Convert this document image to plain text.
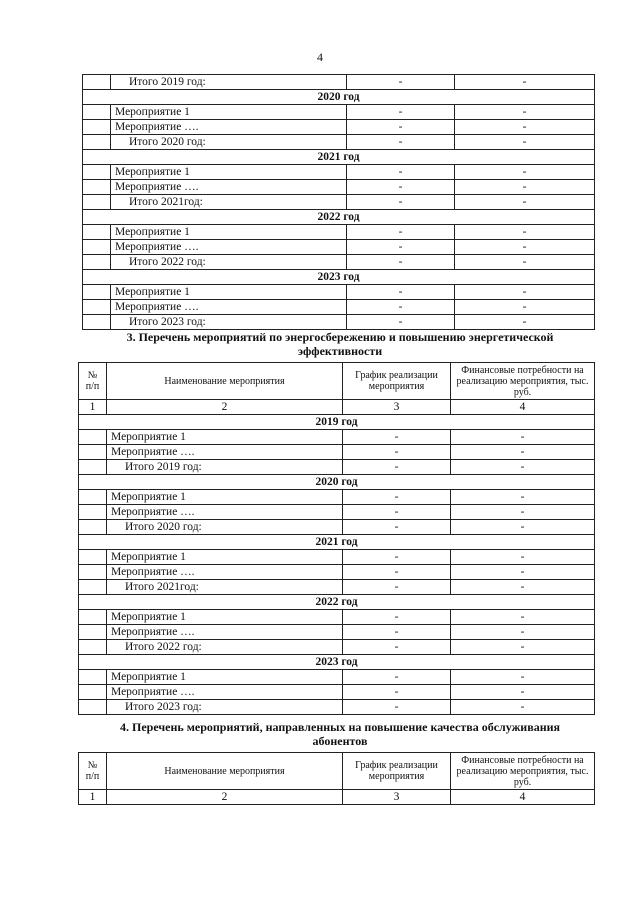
4
	Итого 2019 год:	-	-
2020 год			
	Мероприятие 1	-	-
	Мероприятие ….	-	-
	Итого 2020 год:	-	-
2021 год			
	Мероприятие 1	-	-
	Мероприятие ….	-	-
	Итого 2021год:	-	-
2022 год			
	Мероприятие 1	-	-
	Мероприятие ….	-	-
	Итого 2022 год:	-	-
2023 год			
	Мероприятие 1	-	-
	Мероприятие ….	-	-
	Итого 2023 год:	-	-
3. Перечень мероприятий по энергосбережению и повышению энергетической
эффективности
№ п/п	Наименование мероприятия	График реализации мероприятия	Финансовые потребности на реализацию мероприятия, тыс. руб.
1	2	3	4
2019 год			
	Мероприятие 1	-	-
	Мероприятие ….	-	-
	Итого 2019 год:	-	-
2020 год			
	Мероприятие 1	-	-
	Мероприятие ….	-	-
	Итого 2020 год:	-	-
2021 год			
	Мероприятие 1	-	-
	Мероприятие ….	-	-
	Итого 2021год:	-	-
2022 год			
	Мероприятие 1	-	-
	Мероприятие ….	-	-
	Итого 2022 год:	-	-
2023 год			
	Мероприятие 1	-	-
	Мероприятие ….	-	-
	Итого 2023 год:	-	-
4. Перечень мероприятий, направленных на повышение качества обслуживания
абонентов
№ п/п	Наименование мероприятия	График реализации мероприятия	Финансовые потребности на реализацию мероприятия, тыс. руб.
1	2	3	4
